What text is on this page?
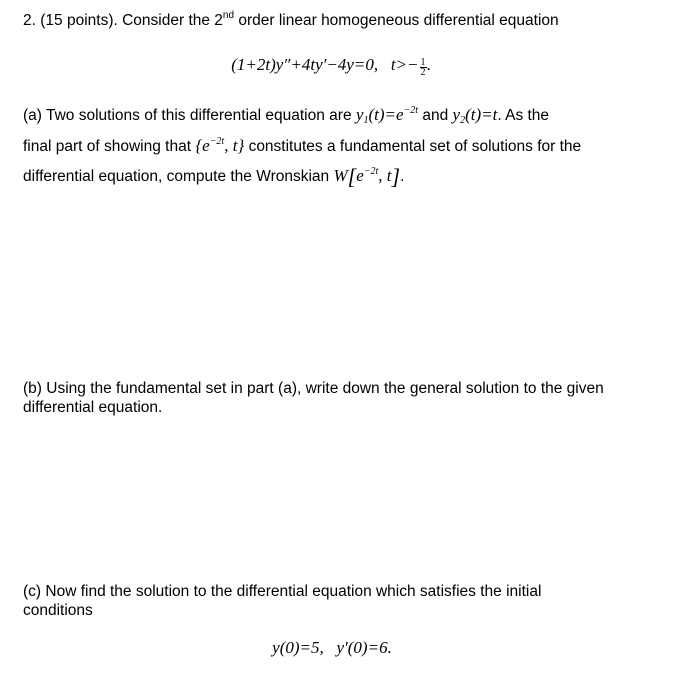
2. (15 points). Consider the 2nd order linear homogeneous differential equation
(1+2t)y″+4ty′−4y=0, $t>- \frac{1}{2}$ .
(a) Two solutions of this differential equation are $y_1(t)=e^{-2t}$ and $y_2(t)=t$. As the
final part of showing that {$e^{-2t}$, t} constitutes a fundamental set of solutions for the
differential equation, compute the Wronskian $W[e^{-2t}$, t].
(b) Using the fundamental set in part (a), write down the general solution to the given
differential equation.
(c) Now find the solution to the differential equation which satisfies the initial
conditions
y(0)=5,   y′(0)=6.
